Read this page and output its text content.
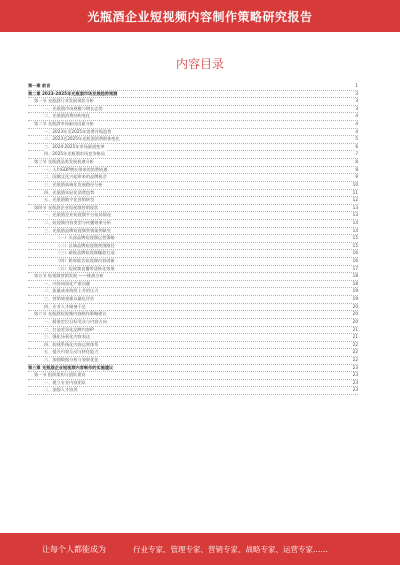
光瓶酒企业短视频内容制作策略研究报告
内容目录
第一章 前言	1
第二章 2023-2025年光瓶酒市场发展趋势预测	3
第一节 光瓶酒行业发展现状分析	3
一、光瓶酒市场规模与增长态势	3
二、光瓶酒消费结构变化	4
第二节 光瓶酒市场驱动因素分析	4
一、2023年至2025年消费升级趋势	4
二、2023至2025年光瓶酒消费群体变化	5
三、2024-2025年市场渠道变革	6
四、2025年光瓶酒市场竞争格局	7
第三节 光瓶酒品类发展机遇分析	8
一、人均GDP增长带来的消费机遇	8
二、国潮文化兴起带来的品牌机会	9
三、光瓶酒高端化发展路径分析	10
四、光瓶酒年轻化消费趋势	11
五、光瓶酒数字化营销转型	12
第四节 光瓶酒企业短视频营销现状	13
一、光瓶酒企业短视频平台布局情况	13
二、短视频内容类型与传播效果分析	14
三、光瓶酒品牌短视频营销案例研究	14
（一）头部品牌短视频运营策略	15
（二）区域品牌短视频突围路径	15
（三）新锐品牌短视频爆款打造	16
（四）跨界联名短视频内容创新	16
（五）短视频直播带货转化效果	17
第五节 短视频营销发展 ——挑战分析	18
一、内容同质化严重问题	18
二、流量成本持续上升的压力	19
三、营销效果难以量化评估	19
四、专业人才储备不足	20
第六节 光瓶酒短视频内容制作策略建议	20
一、精准定位目标受众与内容方向	20
二、打造差异化品牌内容IP	21
三、强化场景化内容表达	21
四、构建系统化内容运营体系	22
五、提升内容互动与转化能力	22
六、加强数据分析与效果优化	22
第三章 光瓶酒企业短视频内容制作的实施建议	23
第一节 组织架构与团队建设	23
一、建立专业内容团队	23
二、加强人才培养	23
让每个人都能成为	行业专家、管理专家、营销专家、战略专家、运营专家……
